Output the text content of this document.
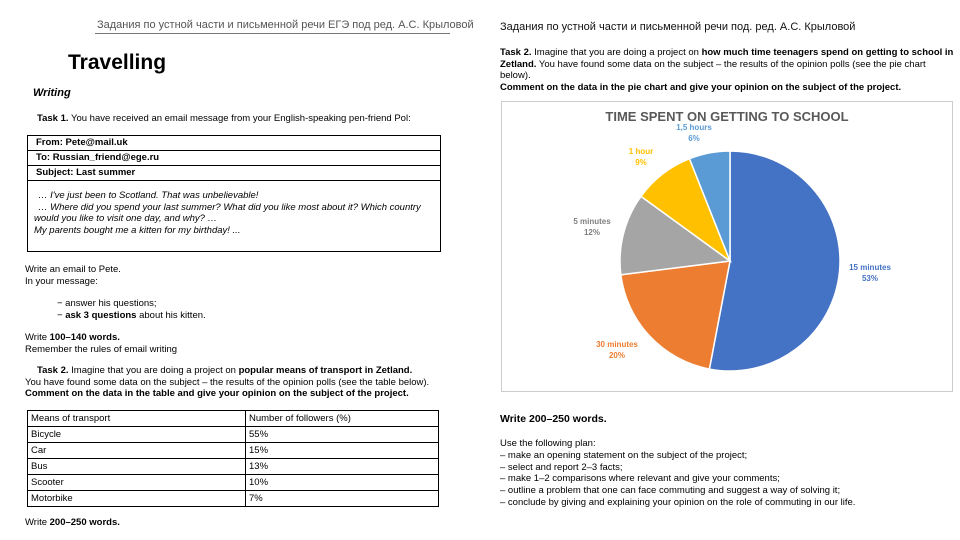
Задания по устной части и письменной речи ЕГЭ под ред. А.С. Крыловой
Travelling
Writing
Task 1. You have received an email message from your English-speaking pen-friend Pol:
From: Pete@mail.uk
To: Russian_friend@ege.ru
Subject: Last summer
… I've just been to Scotland. That was unbelievable!
… Where did you spend your last summer? What did you like most about it? Which country
would you like to visit one day, and why? …
My parents bought me a kitten for my birthday! ...
Write an email to Pete.
In your message:
− answer his questions;
− ask 3 questions about his kitten.
Write 100–140 words.
Remember the rules of email writing
Task 2. Imagine that you are doing a project on popular means of transport in Zetland.
You have found some data on the subject – the results of the opinion polls (see the table below).
Comment on the data in the table and give your opinion on the subject of the project.
Means of transport	Number of followers (%)
Bicycle	55%
Car	15%
Bus	13%
Scooter	10%
Motorbike	7%
Write 200–250 words.
Задания по устной части и письменной речи под. ред. А.С. Крыловой
Task 2. Imagine that you are doing a project on how much time teenagers spend on getting to school in Zetland. You have found some data on the subject – the results of the opinion polls (see the pie chart below).
Comment on the data in the pie chart and give your opinion on the subject of the project.
TIME SPENT ON GETTING TO SCHOOL
15 minutes
53%
30 minutes
20%
5 minutes
12%
1 hour
9%
1,5 hours
6%
Write 200–250 words.
Use the following plan:
– make an opening statement on the subject of the project;
– select and report 2–3 facts;
– make 1–2 comparisons where relevant and give your comments;
– outline a problem that one can face commuting and suggest a way of solving it;
– conclude by giving and explaining your opinion on the role of commuting in our life.
